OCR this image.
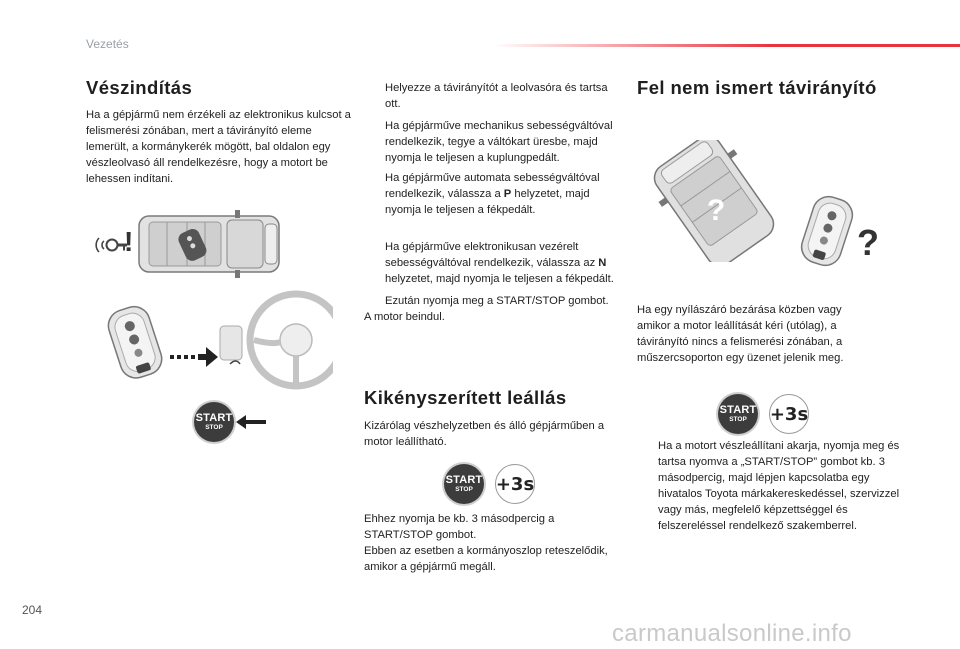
Vezetés
Vészindítás

Ha a gépjármű nem érzékeli az elektronikus kulcsot a felismerési zónában, mert a távirányító eleme lemerült, a kormánykerék mögött, bal oldalon egy vészleolvasó áll rendelkezésre, hogy a motort be lehessen indítani.

!
START
STOP

Helyezze a távirányítót a leolvasóra és tartsa ott.

Ha gépjárműve mechanikus sebességváltóval rendelkezik, tegye a váltókart üresbe, majd nyomja le teljesen a kuplungpedált.

Ha gépjárműve automata sebességváltóval rendelkezik, válassza a P helyzetet, majd nyomja le teljesen a fékpedált.

Ha gépjárműve elektronikusan vezérelt sebességváltóval rendelkezik, válassza az N helyzetet, majd nyomja le teljesen a fékpedált.

Ezután nyomja meg a START/STOP gombot.

A motor beindul.

Kikényszerített leállás

Kizárólag vészhelyzetben és álló gépjárműben a motor leállítható.

START
STOP +3s

Ehhez nyomja be kb. 3 másodpercig a START/STOP gombot.

Ebben az esetben a kormányoszlop reteszelődik, amikor a gépjármű megáll.

Fel nem ismert távirányító
?
?

Ha egy nyílászáró bezárása közben vagy amikor a motor leállítását kéri (utólag), a távirányító nincs a felismerési zónában, a műszercsoporton egy üzenet jelenik meg.

START
STOP +3s

Ha a motort vészleállítani akarja, nyomja meg és tartsa nyomva a „START/STOP” gombot kb. 3 másodpercig, majd lépjen kapcsolatba egy hivatalos Toyota márkakereskedéssel, szervizzel vagy más, megfelelő képzettséggel és felszereléssel rendelkező szakemberrel.

204
carmanualsonline.info
